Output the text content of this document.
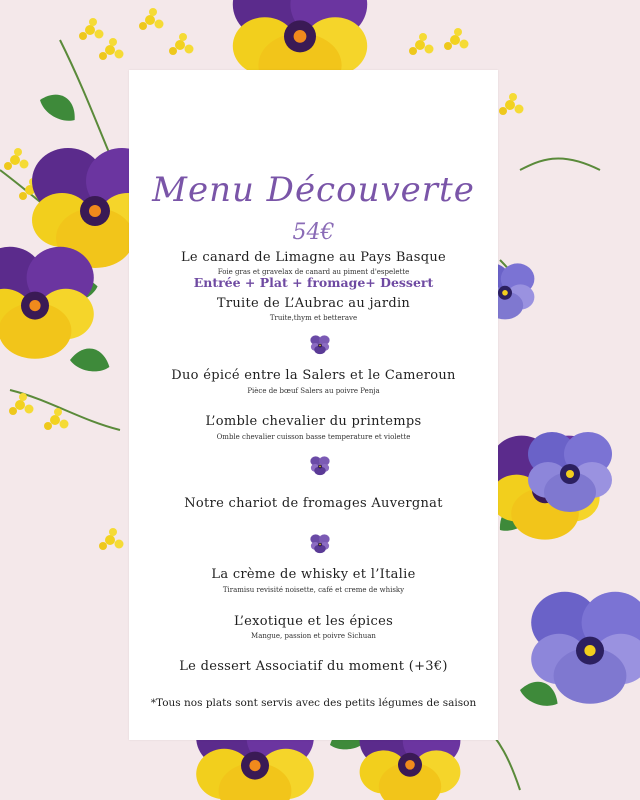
Menu Découverte
54€
Entrée + Plat + fromage+ Dessert
Le canard de Limagne au Pays Basque
Foie gras et gravelax de canard au piment d'espelette
Truite de L’Aubrac au jardin
Truite,thym et betterave
Duo épicé entre la Salers et le Cameroun
Pièce de bœuf Salers au poivre Penja
L’omble chevalier du printemps
Omble chevalier cuisson basse temperature et violette
Notre chariot de fromages Auvergnat
La crème de whisky et l’Italie
Tiramisu revisité noisette, café et creme de whisky
L’exotique et les épices
Mangue, passion et poivre Sichuan
Le dessert Associatif du moment (+3€)
*Tous nos plats sont servis avec des petits légumes de saison
